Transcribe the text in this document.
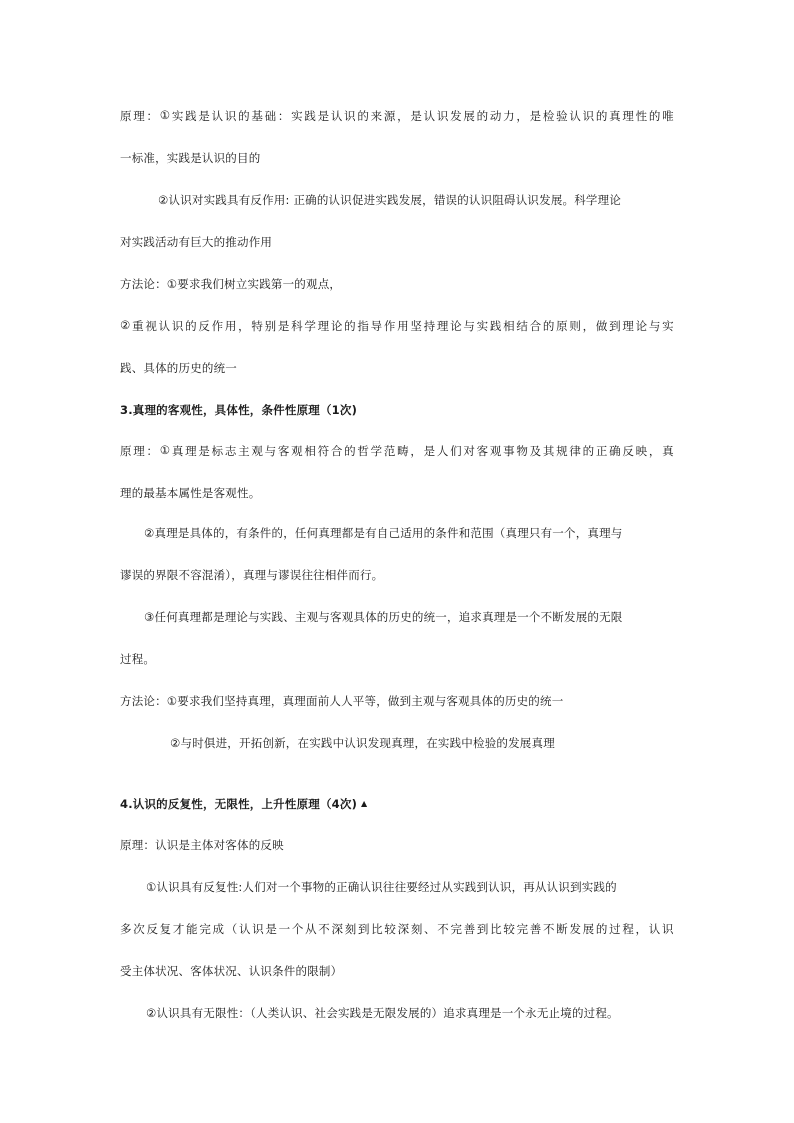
原 理 ： ① 实 践 是 认 识 的 基 础 ： 实 践 是 认 识 的 来 源 ， 是 认 识 发 展 的 动 力 ， 是 检 验 认 识 的 真 理 性 的 唯
一标准，实践是认识的目的
②认识对实践具有反作用: 正确的认识促进实践发展，错误的认识阻碍认识发展。科学理论
对实践活动有巨大的推动作用
方法论：①要求我们树立实践第一的观点，
② 重 视 认 识 的 反 作 用 ， 特 别 是 科 学 理 论 的 指 导 作 用 坚 持 理 论 与 实 践 相 结 合 的 原 则 ， 做 到 理 论 与 实
践、具体的历史的统一
3.真理的客观性，具体性，条件性原理（1次)
原 理 ： ① 真 理 是 标 志 主 观 与 客 观 相 符 合 的 哲 学 范 畴 ， 是 人 们 对 客 观 事 物 及 其 规 律 的 正 确 反 映 ， 真
理的最基本属性是客观性。
②真理是具体的，有条件的，任何真理都是有自己适用的条件和范围（真理只有一个，真理与
谬误的界限不容混淆），真理与谬误往往相伴而行。
③任何真理都是理论与实践、主观与客观具体的历史的统一，追求真理是一个不断发展的无限
过程。
方法论：①要求我们坚持真理，真理面前人人平等，做到主观与客观具体的历史的统一
②与时俱进，开拓创新，在实践中认识发现真理，在实践中检验的发展真理
4.认识的反复性，无限性，上升性原理（4次) ▲
原理：认识是主体对客体的反映
①认识具有反复性:人们对一个事物的正确认识往往要经过从实践到认识，再从认识到实践的
多 次 反 复 才 能 完 成 （ 认 识 是 一 个 从 不 深 刻 到 比 较 深 刻 、 不 完 善 到 比 较 完 善 不 断 发 展 的 过 程 ， 认 识
受主体状况、客体状况、认识条件的限制）
②认识具有无限性：（人类认识、社会实践是无限发展的）追求真理是一个永无止境的过程。
